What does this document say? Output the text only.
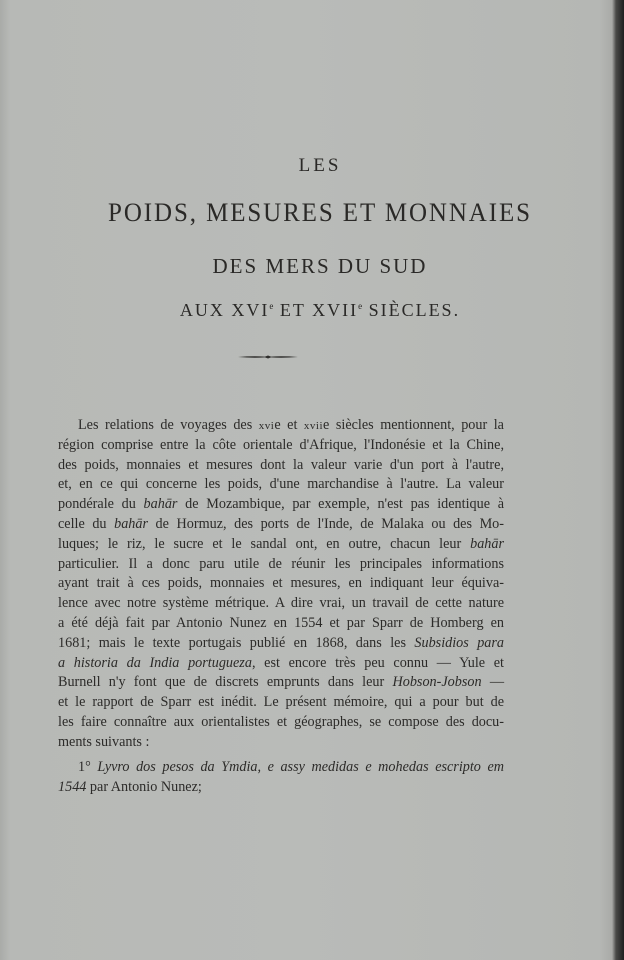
LES
POIDS, MESURES ET MONNAIES
DES MERS DU SUD
AUX XVIe ET XVIIe SIÈCLES.
Les relations de voyages des xvie et xviie siècles mentionnent, pour la
région comprise entre la côte orientale d'Afrique, l'Indonésie et la Chine,
des poids, monnaies et mesures dont la valeur varie d'un port à l'autre,
et, en ce qui concerne les poids, d'une marchandise à l'autre. La valeur
pondérale du bahār de Mozambique, par exemple, n'est pas identique à
celle du bahār de Hormuz, des ports de l'Inde, de Malaka ou des Mo-
luques; le riz, le sucre et le sandal ont, en outre, chacun leur bahār
particulier. Il a donc paru utile de réunir les principales informations
ayant trait à ces poids, monnaies et mesures, en indiquant leur équiva-
lence avec notre système métrique. A dire vrai, un travail de cette nature
a été déjà fait par Antonio Nunez en 1554 et par Sparr de Homberg en
1681; mais le texte portugais publié en 1868, dans les Subsidios para
a historia da India portugueza, est encore très peu connu — Yule et
Burnell n'y font que de discrets emprunts dans leur Hobson-Jobson —
et le rapport de Sparr est inédit. Le présent mémoire, qui a pour but de
les faire connaître aux orientalistes et géographes, se compose des docu-
ments suivants :
1° Lyvro dos pesos da Ymdia, e assy medidas e mohedas escripto em
1544 par Antonio Nunez;
